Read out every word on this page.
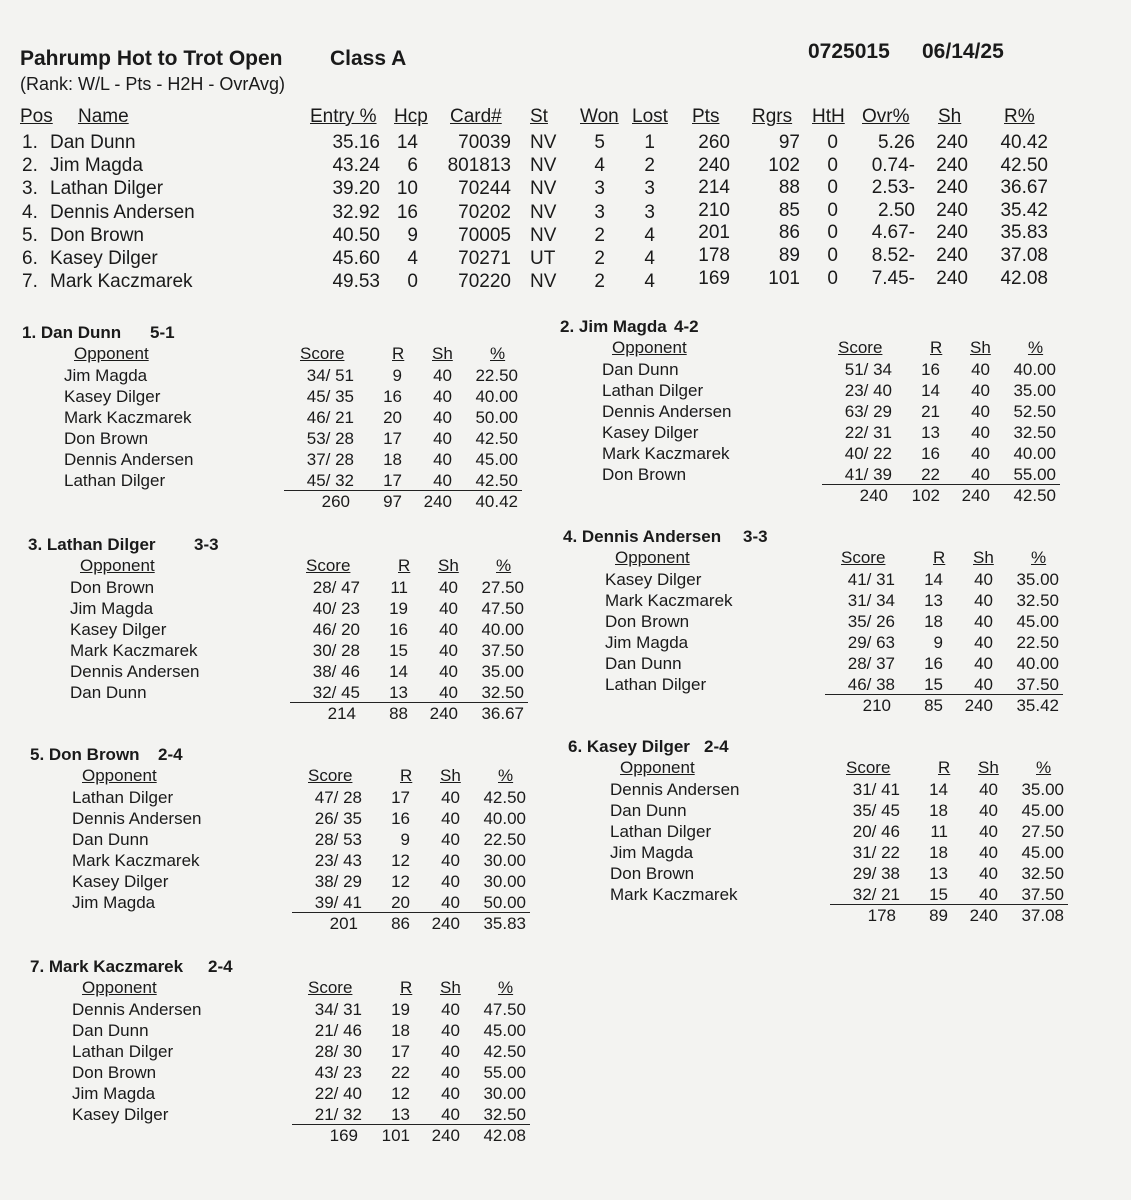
Pahrump Hot to Trot Open Class A	0725015 06/14/25
(Rank: W/L - Pts - H2H - OvrAvg)
Pos Name	Entry % Hcp Card# St Won Lost Pts Rgrs HtH Ovr% Sh R%
1. Dan Dunn	35.16 14 70039 NV 5 1 260	97 0 5.26 240 40.42
2. Jim Magda	43.24 6 801813 NV 4 2 240 102 0 0.74- 240 42.50
3. Lathan Dilger	39.20 10 70244 NV 3 3 214	88 0 2.53- 240 36.67
4. Dennis Andersen	32.92 16 70202 NV 3 3 210	85 0 2.50 240 35.42
5. Don Brown	40.50 9 70005 NV 2 4 201	86 0 4.67- 240 35.83
6. Kasey Dilger	45.60 4 70271 UT 2 4 178	89 0 8.52- 240 37.08
7. Mark Kaczmarek	49.53 0 70220 NV 2 4 169 101 0 7.45- 240 42.08
1. Dan Dunn 5-1
Opponent	Score	R Sh %
Jim Magda	34/ 51 9 40 22.50
Kasey Dilger	45/ 35 16 40 40.00
Mark Kaczmarek	46/ 21 20 40 50.00
Don Brown	53/ 28 17 40 42.50
Dennis Andersen	37/ 28 18 40 45.00
Lathan Dilger	45/ 32 17 40 42.50
260 97 240 40.42
2. Jim Magda 4-2
Opponent	Score	R Sh %
Dan Dunn	51/ 34 16 40 40.00
Lathan Dilger	23/ 40 14 40 35.00
Dennis Andersen	63/ 29 21 40 52.50
Kasey Dilger	22/ 31 13 40 32.50
Mark Kaczmarek	40/ 22 16 40 40.00
Don Brown	41/ 39 22 40 55.00
240 102 240 42.50
3. Lathan Dilger 3-3
Opponent	Score	R Sh %
Don Brown	28/ 47 11 40 27.50
Jim Magda	40/ 23 19 40 47.50
Kasey Dilger	46/ 20 16 40 40.00
Mark Kaczmarek	30/ 28 15 40 37.50
Dennis Andersen	38/ 46 14 40 35.00
Dan Dunn	32/ 45 13 40 32.50
214 88 240 36.67
4. Dennis Andersen 3-3
Opponent	Score	R Sh %
Kasey Dilger	41/ 31 14 40 35.00
Mark Kaczmarek	31/ 34 13 40 32.50
Don Brown	35/ 26 18 40 45.00
Jim Magda	29/ 63 9 40 22.50
Dan Dunn	28/ 37 16 40 40.00
Lathan Dilger	46/ 38 15 40 37.50
210 85 240 35.42
5. Don Brown 2-4
Opponent	Score	R Sh %
Lathan Dilger	47/ 28 17 40 42.50
Dennis Andersen	26/ 35 16 40 40.00
Dan Dunn	28/ 53 9 40 22.50
Mark Kaczmarek	23/ 43 12 40 30.00
Kasey Dilger	38/ 29 12 40 30.00
Jim Magda	39/ 41 20 40 50.00
201 86 240 35.83
6. Kasey Dilger 2-4
Opponent	Score	R Sh %
Dennis Andersen	31/ 41 14 40 35.00
Dan Dunn	35/ 45 18 40 45.00
Lathan Dilger	20/ 46 11 40 27.50
Jim Magda	31/ 22 18 40 45.00
Don Brown	29/ 38 13 40 32.50
Mark Kaczmarek	32/ 21 15 40 37.50
178 89 240 37.08
7. Mark Kaczmarek 2-4
Opponent	Score	R Sh %
Dennis Andersen	34/ 31 19 40 47.50
Dan Dunn	21/ 46 18 40 45.00
Lathan Dilger	28/ 30 17 40 42.50
Don Brown	43/ 23 22 40 55.00
Jim Magda	22/ 40 12 40 30.00
Kasey Dilger	21/ 32 13 40 32.50
169 101 240 42.08
